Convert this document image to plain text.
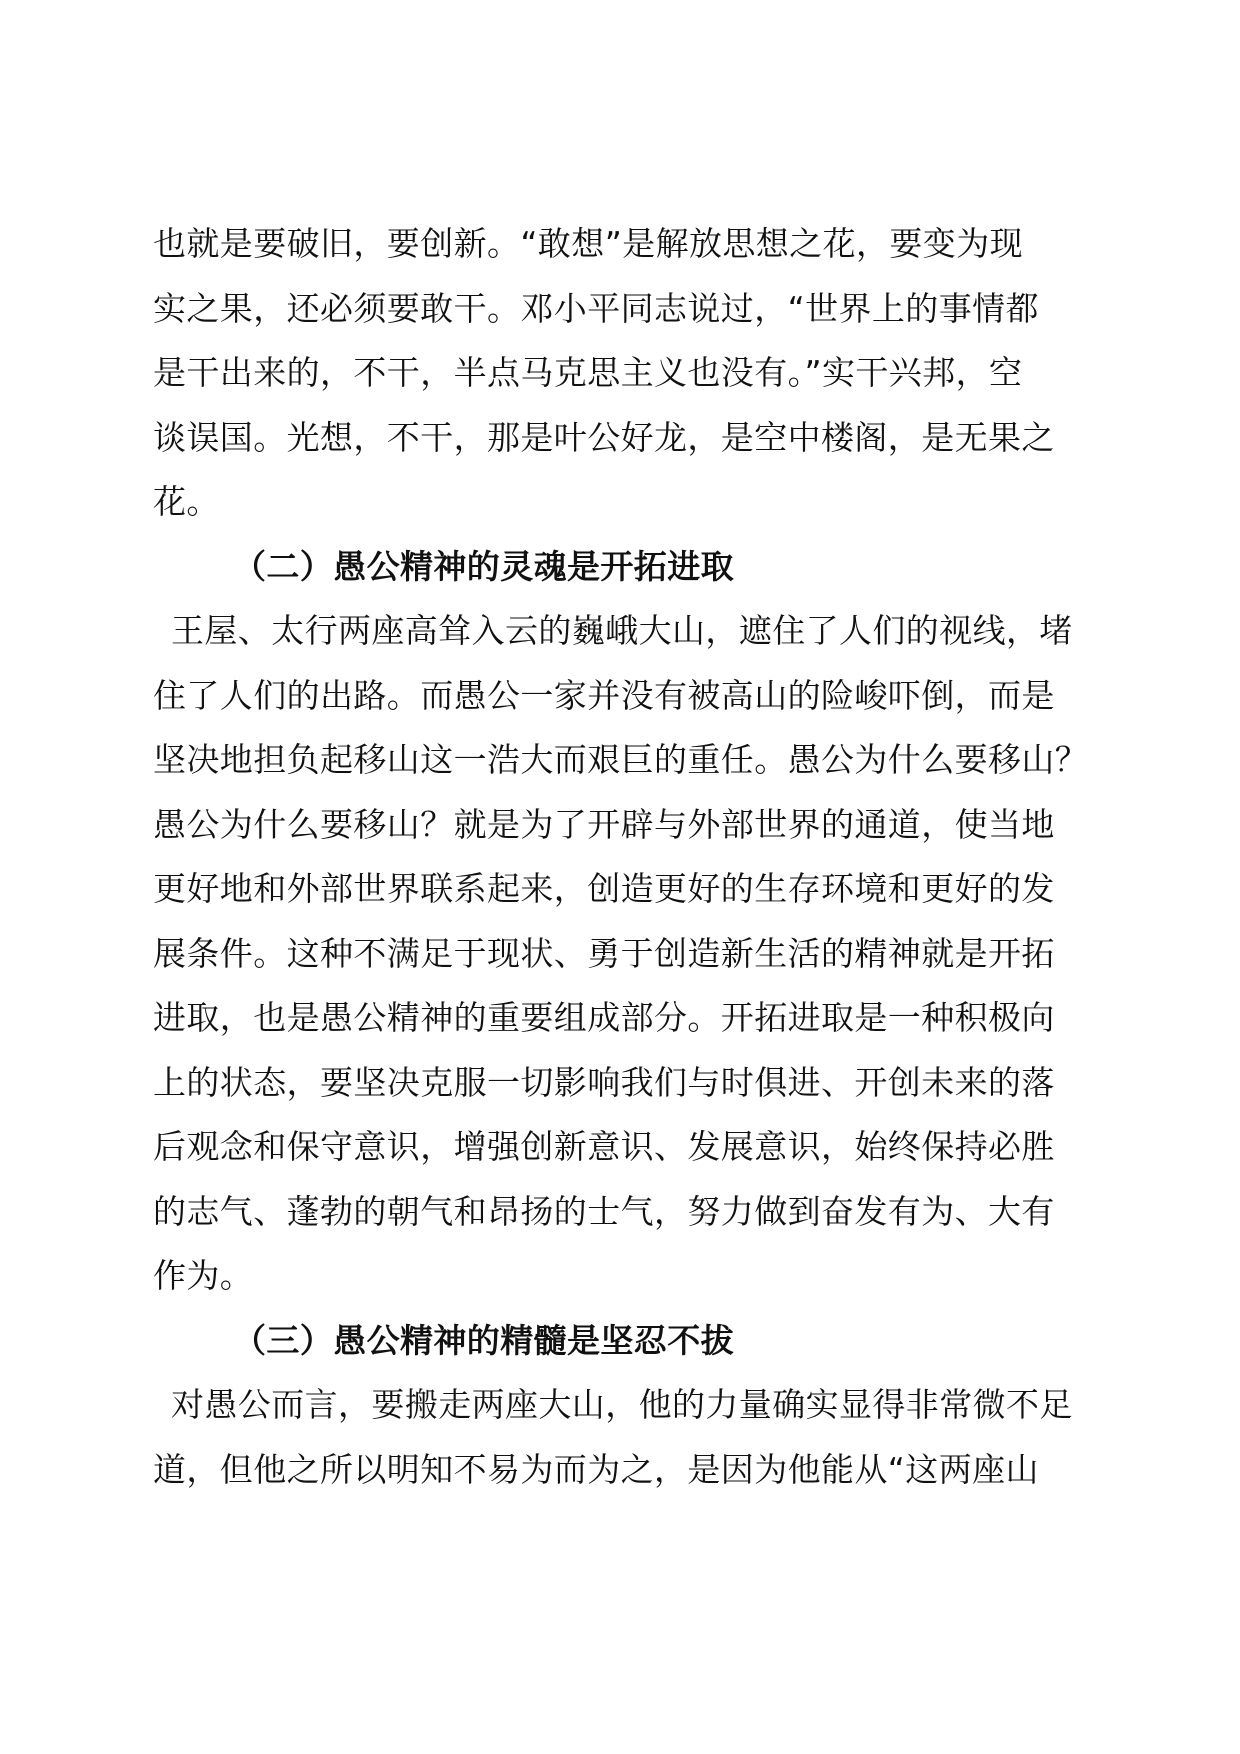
也就是要破旧，要创新。“敢想”是解放思想之花，要变为现
实之果，还必须要敢干。邓小平同志说过，“世界上的事情都
是干出来的，不干，半点马克思主义也没有。”实干兴邦，空
谈误国。光想，不干，那是叶公好龙，是空中楼阁，是无果之
花。
（二）愚公精神的灵魂是开拓进取
王屋、太行两座高耸入云的巍峨大山，遮住了人们的视线，堵
住了人们的出路。而愚公一家并没有被高山的险峻吓倒，而是
坚决地担负起移山这一浩大而艰巨的重任。愚公为什么要移山？
愚公为什么要移山？就是为了开辟与外部世界的通道，使当地
更好地和外部世界联系起来，创造更好的生存环境和更好的发
展条件。这种不满足于现状、勇于创造新生活的精神就是开拓
进取，也是愚公精神的重要组成部分。开拓进取是一种积极向
上的状态，要坚决克服一切影响我们与时俱进、开创未来的落
后观念和保守意识，增强创新意识、发展意识，始终保持必胜
的志气、蓬勃的朝气和昂扬的士气，努力做到奋发有为、大有
作为。
（三）愚公精神的精髓是坚忍不拔
对愚公而言，要搬走两座大山，他的力量确实显得非常微不足
道，但他之所以明知不易为而为之，是因为他能从“这两座山
